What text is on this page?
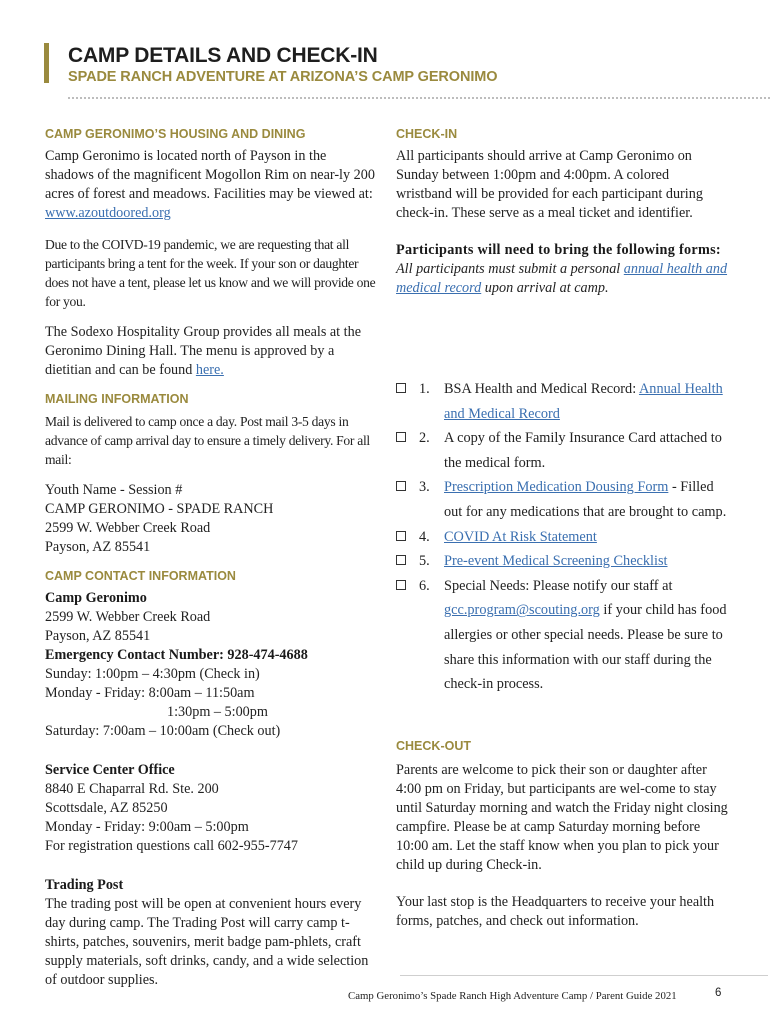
CAMP DETAILS AND CHECK-IN
SPADE RANCH ADVENTURE AT ARIZONA’S CAMP GERONIMO
CAMP GERONIMO’S HOUSING AND DINING

Camp Geronimo is located north of Payson in the shadows of the magnificent Mogollon Rim on near-ly 200 acres of forest and meadows. Facilities may be viewed at: www.azoutdoored.org

Due to the COIVD-19 pandemic, we are requesting that all participants bring a tent for the week. If your son or daughter does not have a tent, please let us know and we will provide one for you.

The Sodexo Hospitality Group provides all meals at the Geronimo Dining Hall. The menu is approved by a dietitian and can be found here.

MAILING INFORMATION

Mail is delivered to camp once a day. Post mail 3-5 days in advance of camp arrival day to ensure a timely delivery. For all mail:

Youth Name - Session #
CAMP GERONIMO - SPADE RANCH
2599 W. Webber Creek Road
Payson, AZ 85541

CAMP CONTACT INFORMATION

Camp Geronimo
2599 W. Webber Creek Road
Payson, AZ 85541
Emergency Contact Number: 928-474-4688
Sunday: 1:00pm – 4:30pm (Check in)
Monday - Friday: 8:00am – 11:50am
1:30pm – 5:00pm
Saturday: 7:00am – 10:00am (Check out)

Service Center Office
8840 E Chaparral Rd. Ste. 200
Scottsdale, AZ 85250
Monday - Friday: 9:00am – 5:00pm
For registration questions call 602-955-7747

Trading Post
The trading post will be open at convenient hours every day during camp. The Trading Post will carry camp t-shirts, patches, souvenirs, merit badge pam-phlets, craft supply materials, soft drinks, candy, and a wide selection of outdoor supplies.

CHECK-IN

All participants should arrive at Camp Geronimo on Sunday between 1:00pm and 4:00pm. A colored wristband will be provided for each participant during check-in. These serve as a meal ticket and identifier.

Participants will need to bring the following forms: All participants must submit a personal annual health and medical record upon arrival at camp.

1. BSA Health and Medical Record: Annual Health and Medical Record
2. A copy of the Family Insurance Card attached to the medical form.
3. Prescription Medication Dousing Form - Filled out for any medications that are brought to camp.
4. COVID At Risk Statement
5. Pre-event Medical Screening Checklist
6. Special Needs: Please notify our staff at gcc.program@scouting.org if your child has food allergies or other special needs. Please be sure to share this information with our staff during the check-in process.
CHECK-OUT

Parents are welcome to pick their son or daughter after 4:00 pm on Friday, but participants are wel-come to stay until Saturday morning and watch the Friday night closing campfire. Please be at camp Saturday morning before 10:00 am. Let the staff know when you plan to pick your child up during Check-in.

Your last stop is the Headquarters to receive your health forms, patches, and check out information.

Camp Geronimo’s Spade Ranch High Adventure Camp / Parent Guide 2021	6
